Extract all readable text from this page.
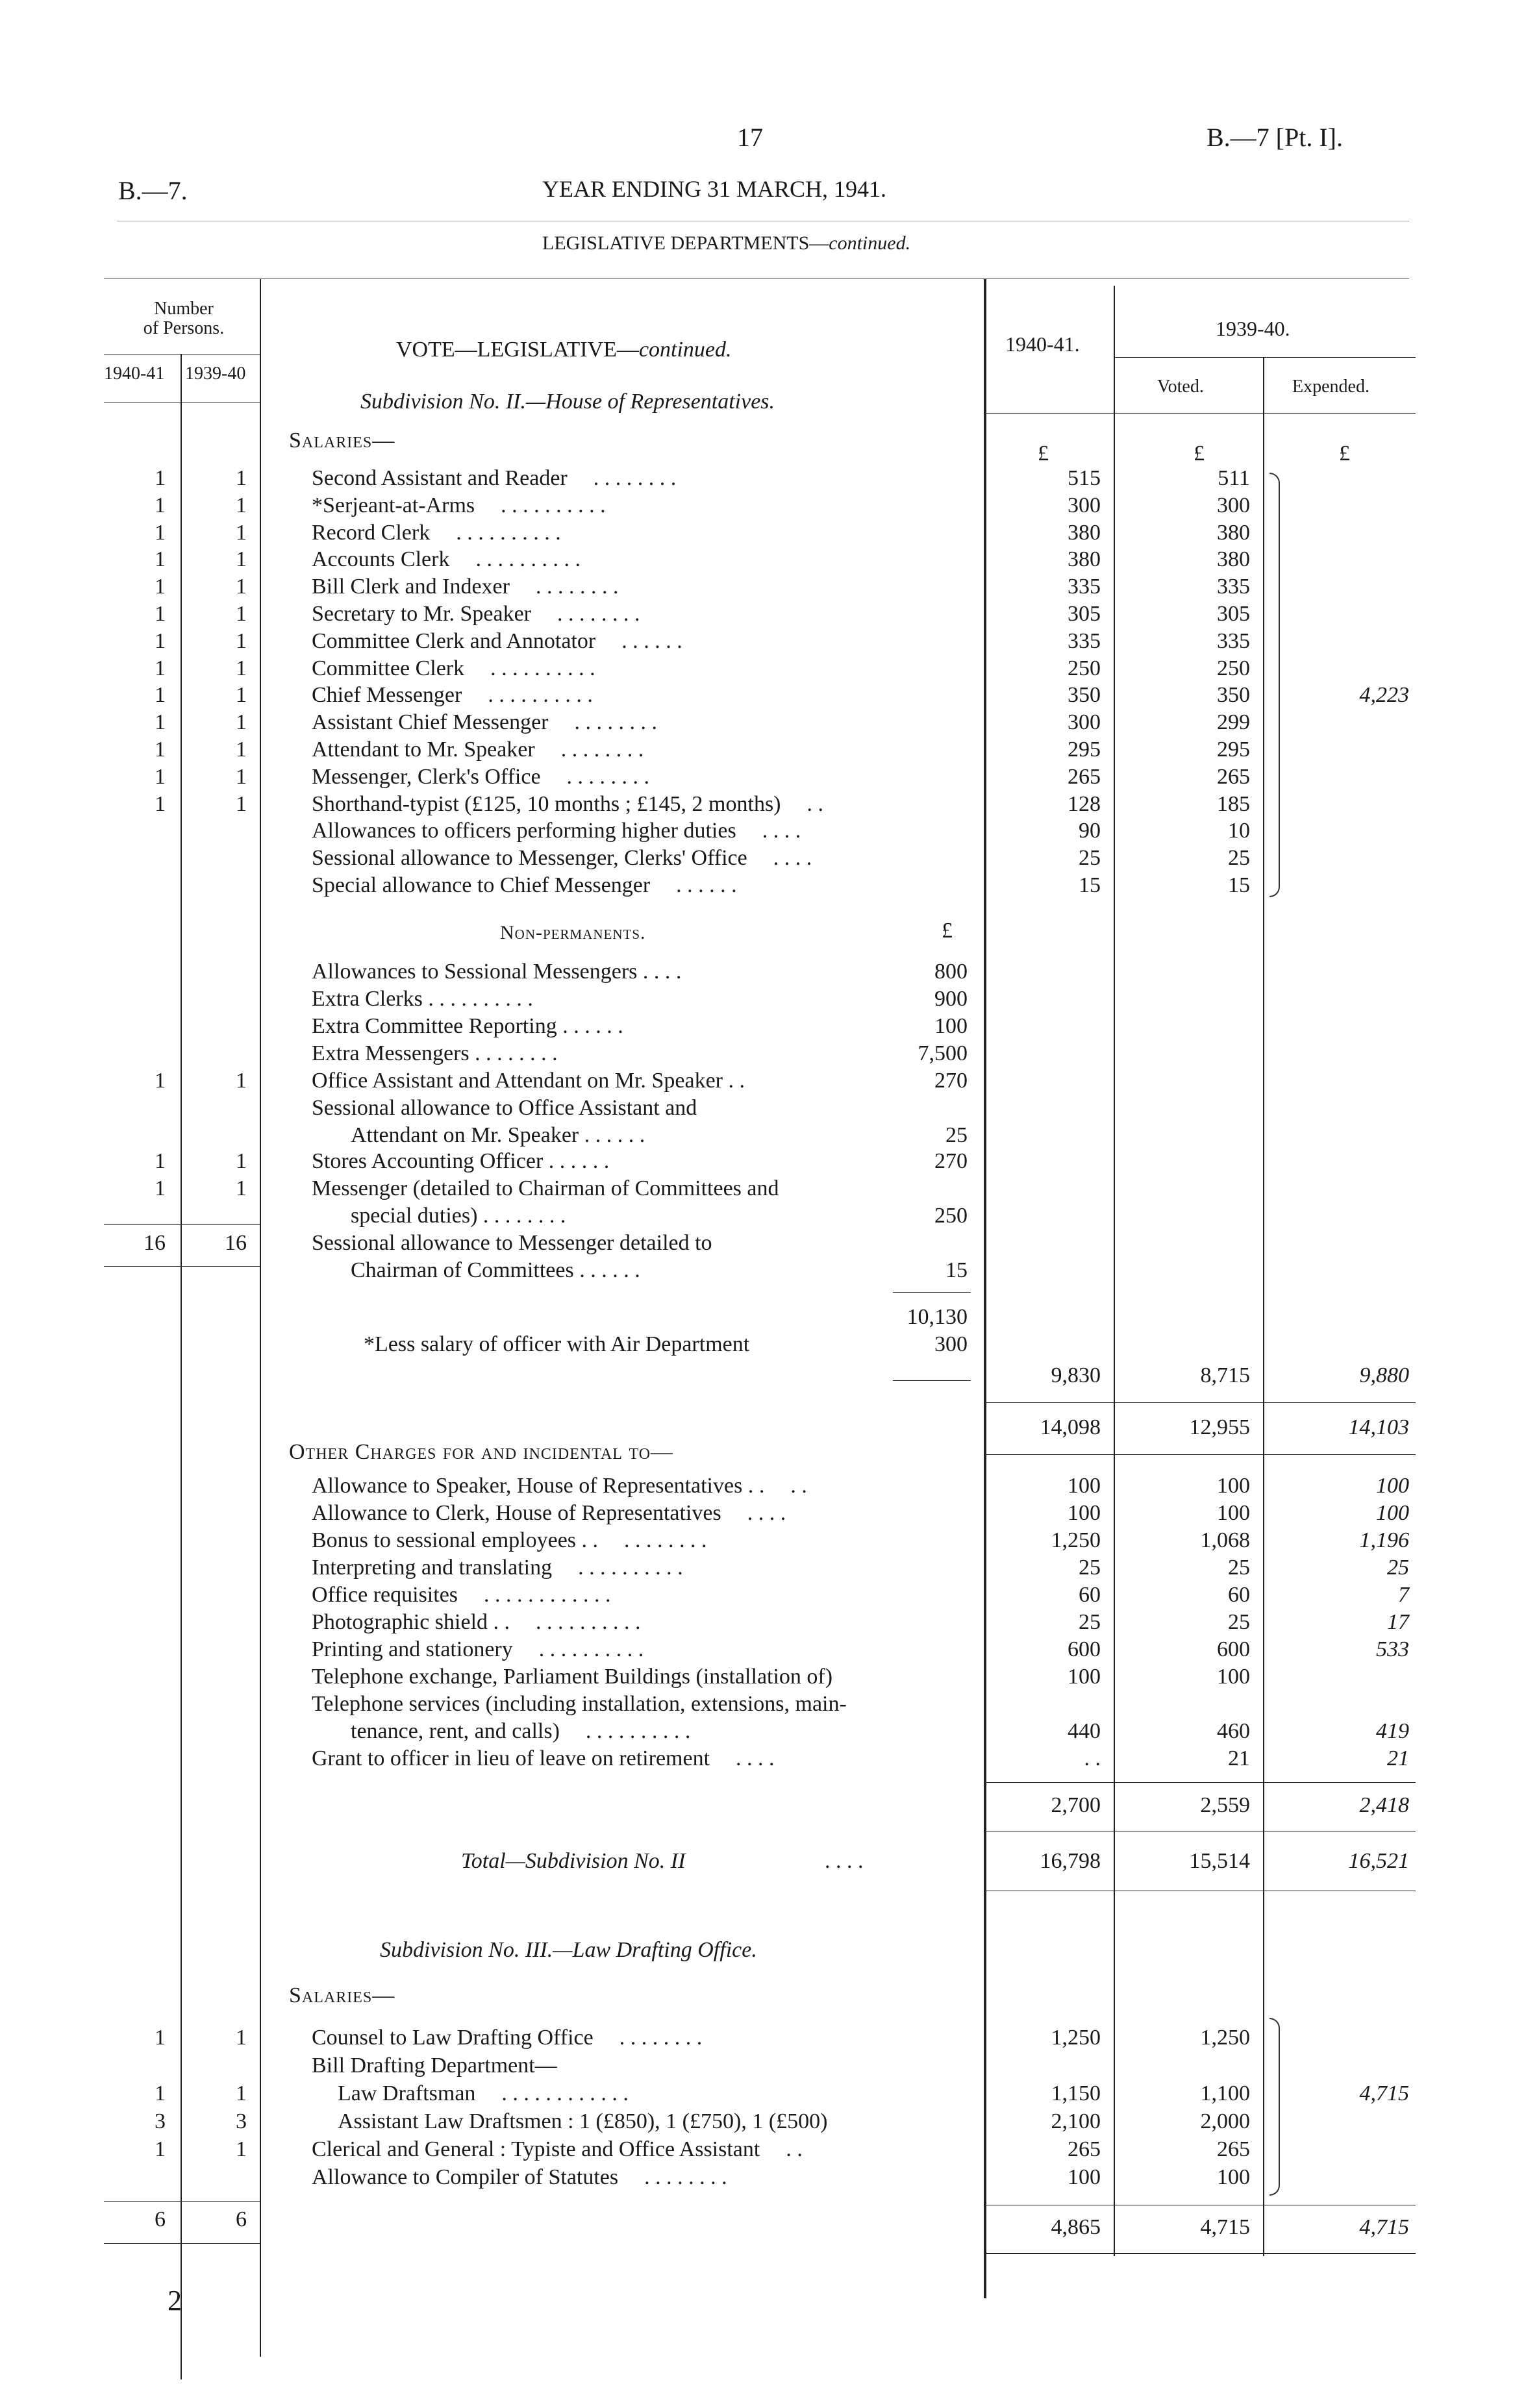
17
B.—7.
B.—7 [Pt. I].
YEAR ENDING 31 MARCH, 1941.
LEGISLATIVE DEPARTMENTS—continued.
Number
of Persons.
1940-41 1939-40
VOTE—LEGISLATIVE—continued.
Subdivision No. II.—House of Representatives.
1940-41.
1939-40.
Voted.	Expended.
Salaries—
£	£	£
1	1	Second Assistant and Reader . . . . . . . .	515	511
1	1	*Serjeant-at-Arms . . . . . . . . . .	300	300
1	1	Record Clerk . . . . . . . . . .	380	380
1	1	Accounts Clerk . . . . . . . . . .	380	380
1	1	Bill Clerk and Indexer . . . . . . . .	335	335
1	1	Secretary to Mr. Speaker . . . . . . . .	305	305
1	1	Committee Clerk and Annotator . . . . . .	335	335
1	1	Committee Clerk . . . . . . . . . .	250	250
1	1	Chief Messenger . . . . . . . . . .	350	350	4,223
1	1	Assistant Chief Messenger . . . . . . . .	300	299
1	1	Attendant to Mr. Speaker . . . . . . . .	295	295
1	1	Messenger, Clerk's Office . . . . . . . .	265	265
1	1	Shorthand-typist (£125, 10 months ; £145, 2 months) . .	128	185
Allowances to officers performing higher duties . . . .	90	10
Sessional allowance to Messenger, Clerks' Office . . . .	25	25
Special allowance to Chief Messenger . . . . . .	15	15
Non-permanents.	£
Allowances to Sessional Messengers . . . .	800
Extra Clerks . . . . . . . . . .	900
Extra Committee Reporting . . . . . .	100
Extra Messengers . . . . . . . .	7,500
1	1	Office Assistant and Attendant on Mr. Speaker . .	270
Sessional allowance to Office Assistant and
Attendant on Mr. Speaker . . . . . .	25
1	1	Stores Accounting Officer . . . . . .	270
1	1	Messenger (detailed to Chairman of Committees and
special duties) . . . . . . . .	250
16	16	Sessional allowance to Messenger detailed to
Chairman of Committees . . . . . .	15
10,130
*Less salary of officer with Air Department	300
9,830	8,715	9,880
14,098	12,955	14,103
Other Charges for and incidental to—
Allowance to Speaker, House of Representatives . . . .	100	100	100
Allowance to Clerk, House of Representatives . . . .	100	100	100
Bonus to sessional employees . . . . . . . . . .	1,250	1,068	1,196
Interpreting and translating . . . . . . . . . .	25	25	25
Office requisites . . . . . . . . . . . .	60	60	7
Photographic shield . . . . . . . . . . . .	25	25	17
Printing and stationery . . . . . . . . . .	600	600	533
Telephone exchange, Parliament Buildings (installation of)	100	100
Telephone services (including installation, extensions, main-
tenance, rent, and calls) . . . . . . . . . .	440	460	419
Grant to officer in lieu of leave on retirement . . . .	. .	21	21
2,700	2,559	2,418
Total—Subdivision No. II	. . . .	16,798	15,514	16,521
Subdivision No. III.—Law Drafting Office.
Salaries—
1	1	Counsel to Law Drafting Office . . . . . . . .	1,250	1,250
Bill Drafting Department—
1	1	Law Draftsman . . . . . . . . . . . .	1,150	1,100	4,715
3	3	Assistant Law Draftsmen : 1 (£850), 1 (£750), 1 (£500)	2,100	2,000
1	1	Clerical and General : Typiste and Office Assistant . .	265	265
Allowance to Compiler of Statutes . . . . . . . .	100	100
6	6	4,865	4,715	4,715
2
